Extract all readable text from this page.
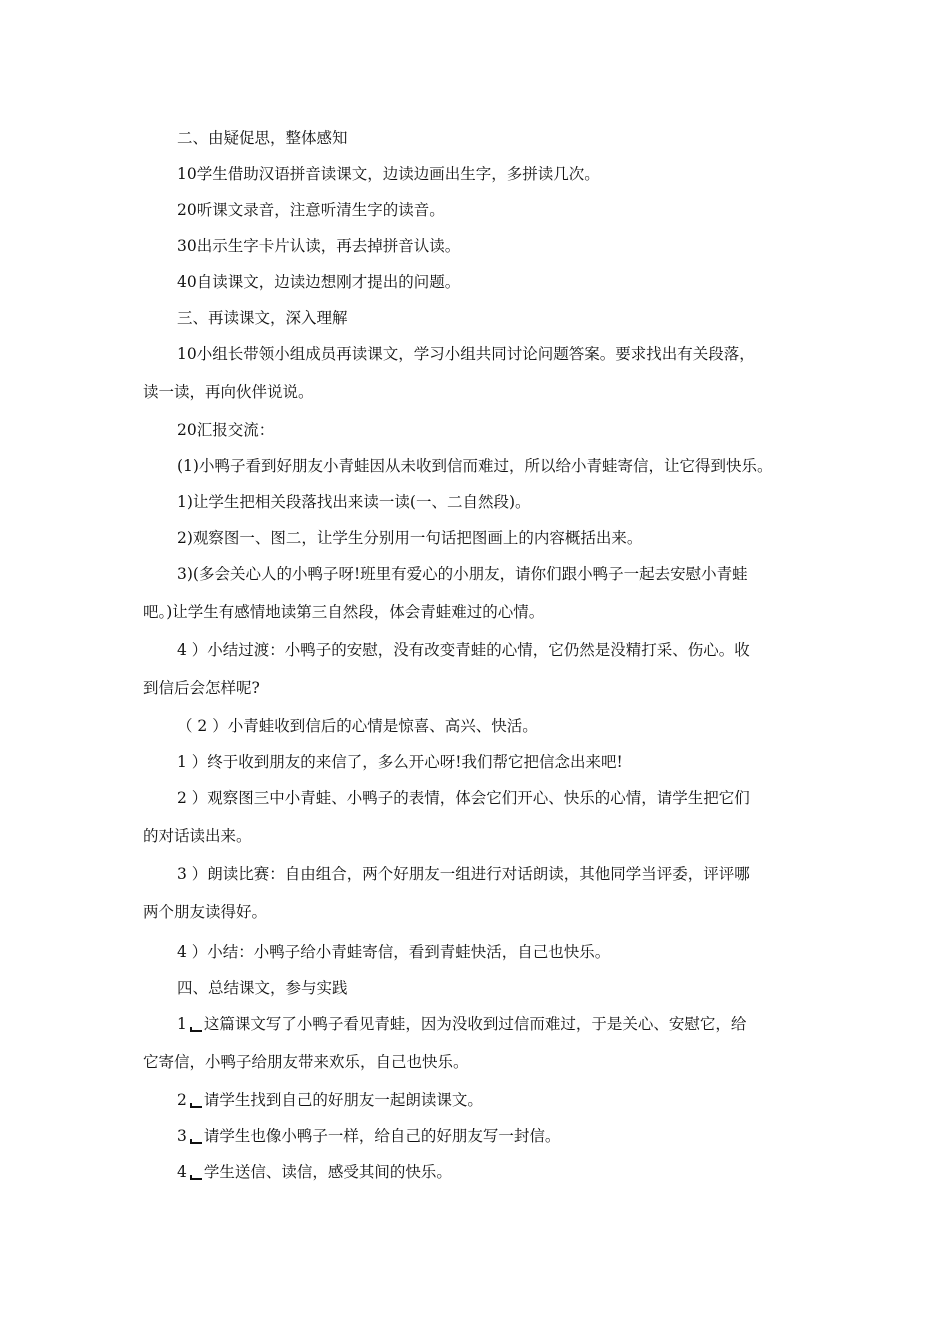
二、由疑促思，整体感知
10学生借助汉语拼音读课文，边读边画出生字，多拼读几次。
20听课文录音，注意听清生字的读音。
30出示生字卡片认读，再去掉拼音认读。
40自读课文，边读边想刚才提出的问题。
三、再读课文，深入理解
10小组长带领小组成员再读课文，学习小组共同讨论问题答案。要求找出有关段落，
读一读，再向伙伴说说。
20汇报交流：
(1)小鸭子看到好朋友小青蛙因从未收到信而难过，所以给小青蛙寄信，让它得到快乐。
1)让学生把相关段落找出来读一读(一、二自然段)。
2)观察图一、图二，让学生分别用一句话把图画上的内容概括出来。
3)(多会关心人的小鸭子呀!班里有爱心的小朋友，请你们跟小鸭子一起去安慰小青蛙
吧。)让学生有感情地读第三自然段，体会青蛙难过的心情。
4 ）小结过渡：小鸭子的安慰，没有改变青蛙的心情，它仍然是没精打采、伤心。收
到信后会怎样呢?
（ 2 ）小青蛙收到信后的心情是惊喜、高兴、快活。
1 ）终于收到朋友的来信了，多么开心呀!我们帮它把信念出来吧!
2 ）观察图三中小青蛙、小鸭子的表情，体会它们开心、快乐的心情，请学生把它们
的对话读出来。
3 ）朗读比赛：自由组合，两个好朋友一组进行对话朗读，其他同学当评委，评评哪
两个朋友读得好。
4 ）小结：小鸭子给小青蛙寄信，看到青蛙快活，自己也快乐。
四、总结课文，参与实践
1 这篇课文写了小鸭子看见青蛙，因为没收到过信而难过，于是关心、安慰它，给
它寄信，小鸭子给朋友带来欢乐，自己也快乐。
2 请学生找到自己的好朋友一起朗读课文。
3 请学生也像小鸭子一样，给自己的好朋友写一封信。
4 学生送信、读信，感受其间的快乐。
